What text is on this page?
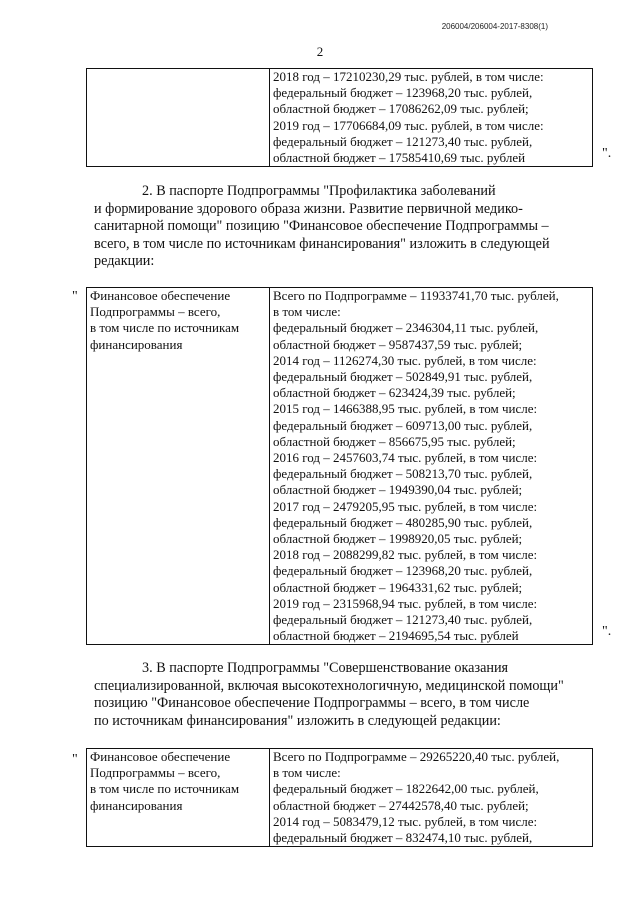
206004/206004-2017-8308(1)
2

2018 год – 17210230,29 тыс. рублей, в том числе:
федеральный бюджет – 123968,20 тыс. рублей,
областной бюджет – 17086262,09 тыс. рублей;
2019 год – 17706684,09 тыс. рублей, в том числе:
федеральный бюджет – 121273,40 тыс. рублей,
областной бюджет – 17585410,69 тыс. рублей	".
2. В паспорте Подпрограммы "Профилактика заболеваний
и формирование здорового образа жизни. Развитие первичной медико-
санитарной помощи" позицию "Финансовое обеспечение Подпрограммы –
всего, в том числе по источникам финансирования" изложить в следующей
редакции:
" Финансовое обеспечение
Подпрограммы – всего,
в том числе по источникам
финансирования

Всего по Подпрограмме – 11933741,70 тыс. рублей,
в том числе:
федеральный бюджет – 2346304,11 тыс. рублей,
областной бюджет – 9587437,59 тыс. рублей;
2014 год – 1126274,30 тыс. рублей, в том числе:
федеральный бюджет – 502849,91 тыс. рублей,
областной бюджет – 623424,39 тыс. рублей;
2015 год – 1466388,95 тыс. рублей, в том числе:
федеральный бюджет – 609713,00 тыс. рублей,
областной бюджет – 856675,95 тыс. рублей;
2016 год – 2457603,74 тыс. рублей, в том числе:
федеральный бюджет – 508213,70 тыс. рублей,
областной бюджет – 1949390,04 тыс. рублей;
2017 год – 2479205,95 тыс. рублей, в том числе:
федеральный бюджет – 480285,90 тыс. рублей,
областной бюджет – 1998920,05 тыс. рублей;
2018 год – 2088299,82 тыс. рублей, в том числе:
федеральный бюджет – 123968,20 тыс. рублей,
областной бюджет – 1964331,62 тыс. рублей;
2019 год – 2315968,94 тыс. рублей, в том числе:
федеральный бюджет – 121273,40 тыс. рублей,
областной бюджет – 2194695,54 тыс. рублей	".
3. В паспорте Подпрограммы "Совершенствование оказания
специализированной, включая высокотехнологичную, медицинской помощи"
позицию "Финансовое обеспечение Подпрограммы – всего, в том числе
по источникам финансирования" изложить в следующей редакции:
" Финансовое обеспечение
Подпрограммы – всего,
в том числе по источникам
финансирования

Всего по Подпрограмме – 29265220,40 тыс. рублей,
в том числе:
федеральный бюджет – 1822642,00 тыс. рублей,
областной бюджет – 27442578,40 тыс. рублей;
2014 год – 5083479,12 тыс. рублей, в том числе:
федеральный бюджет – 832474,10 тыс. рублей,
